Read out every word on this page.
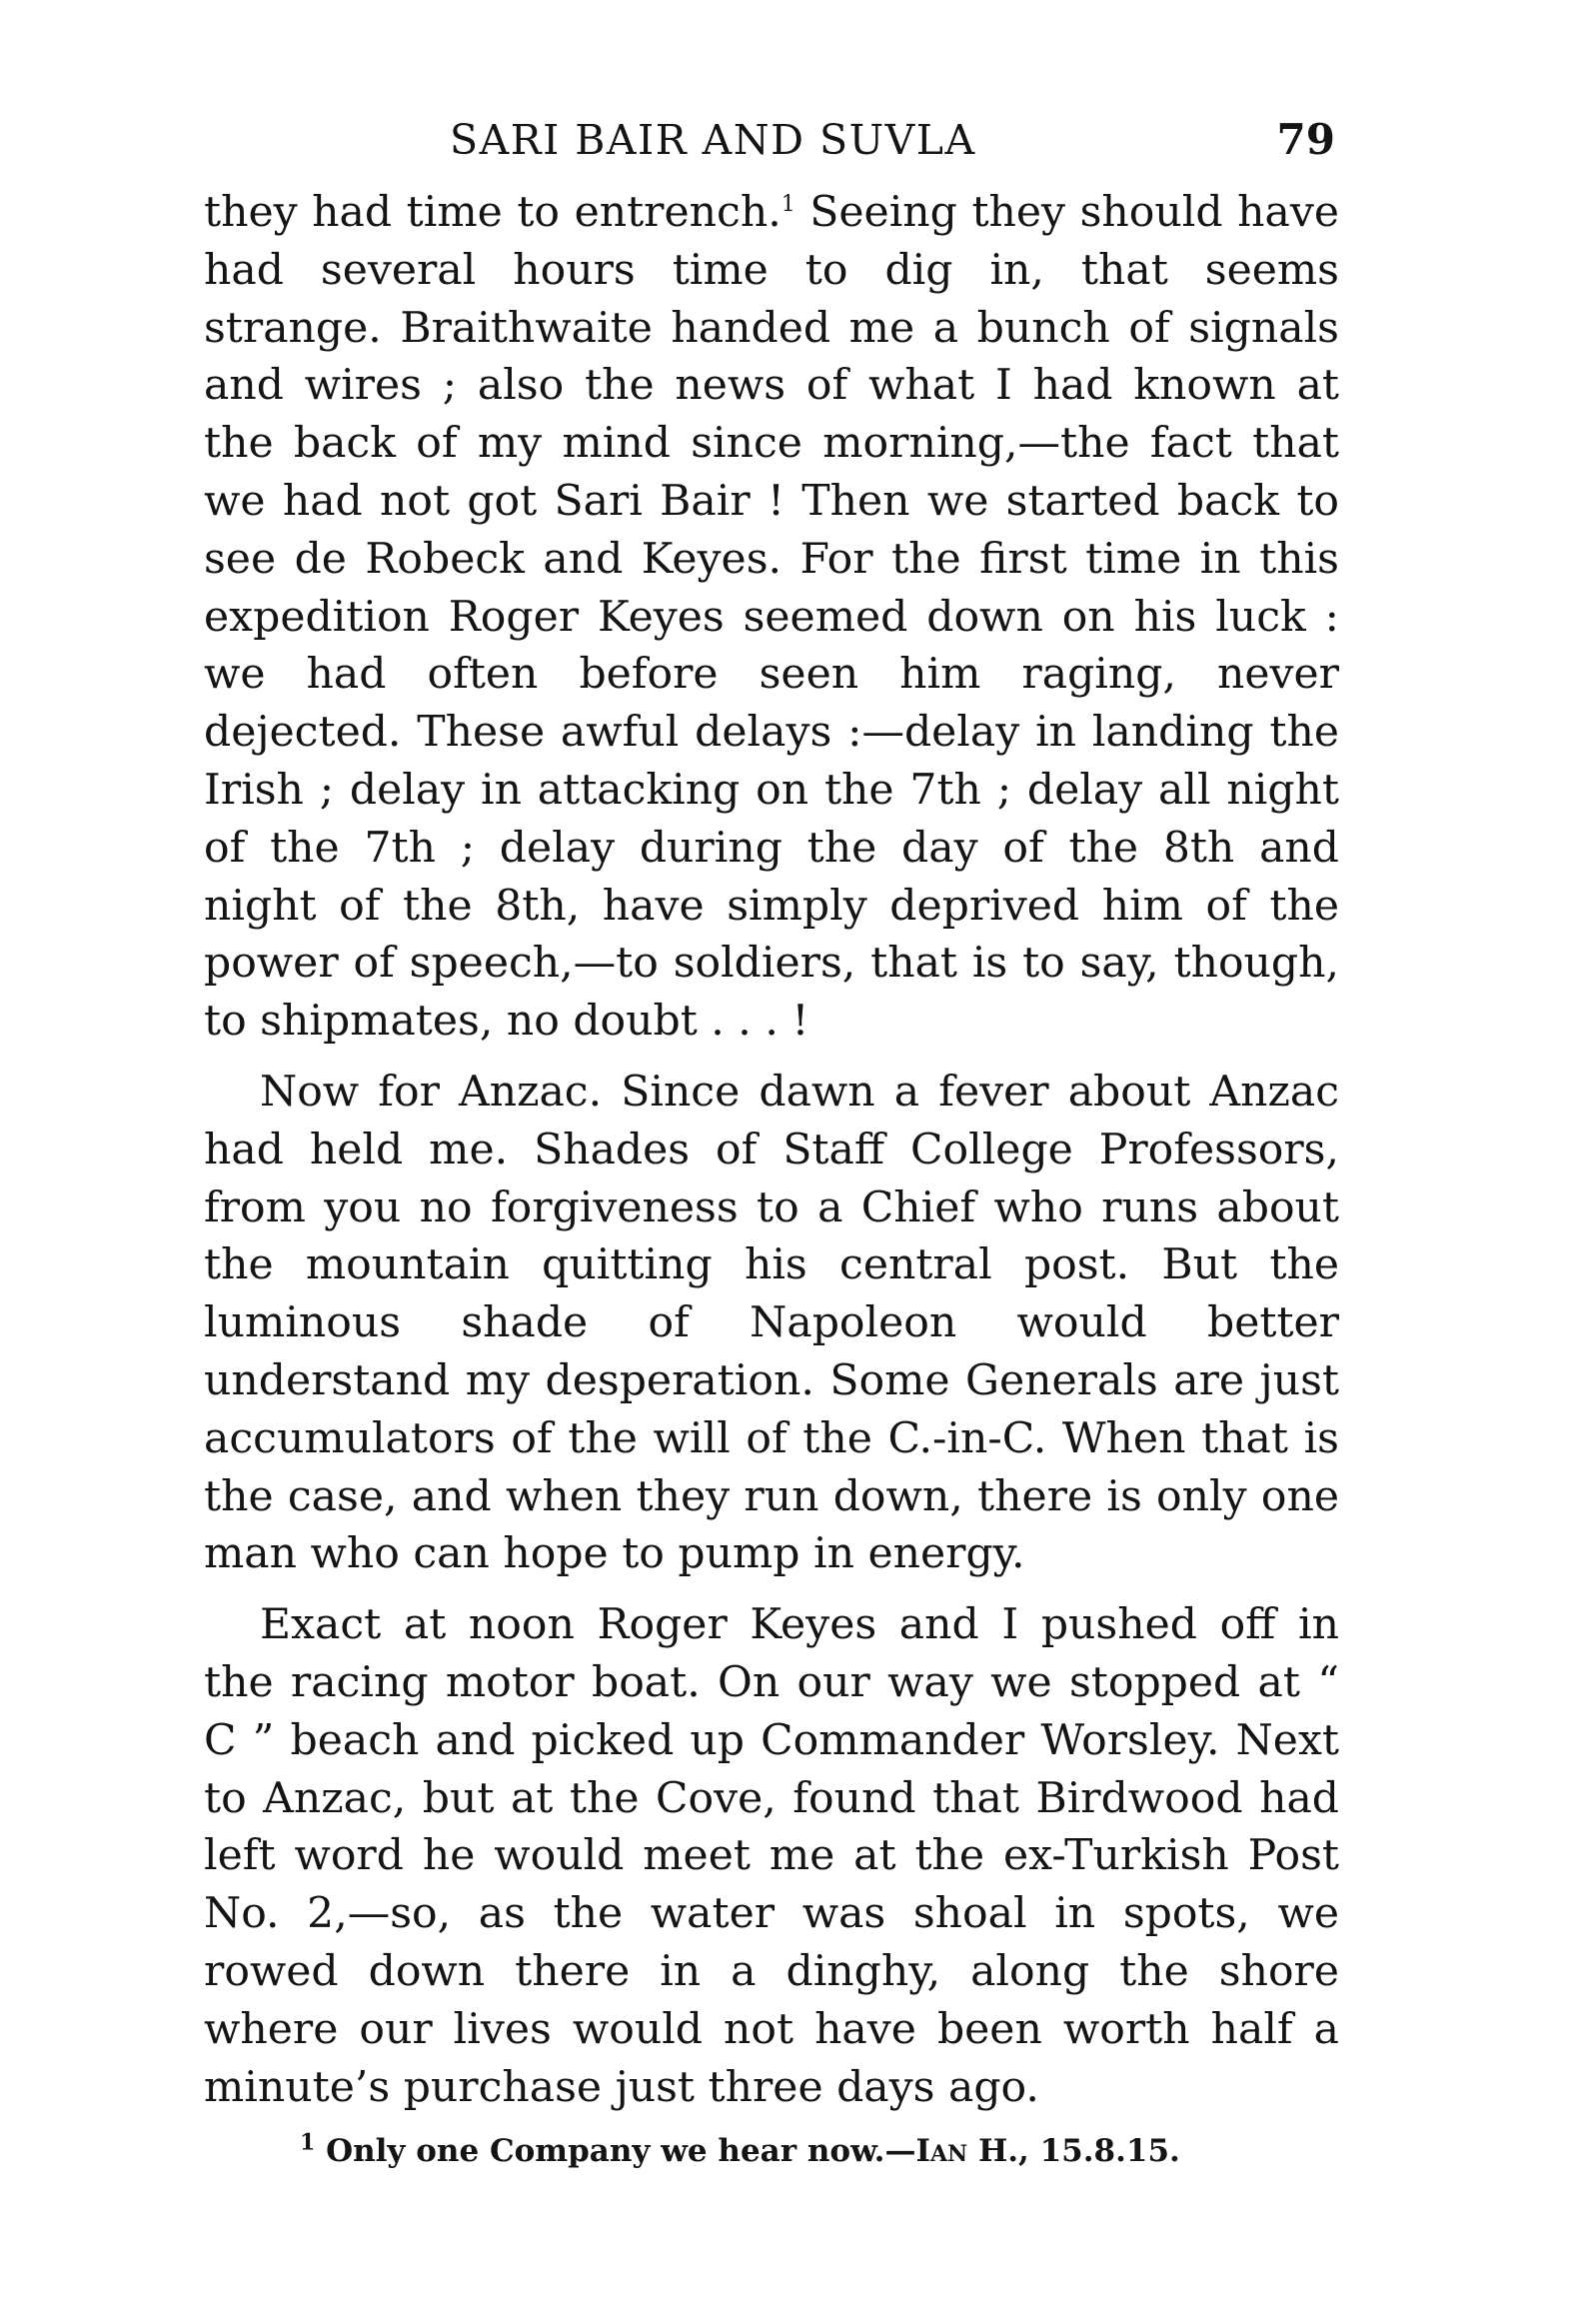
SARI BAIR AND SUVLA	79

they had time to entrench.$^1$ Seeing they should have had several hours time to dig in, that seems strange. Braithwaite handed me a bunch of signals and wires ; also the news of what I had known at the back of my mind since morning,—the fact that we had not got Sari Bair ! Then we started back to see de Robeck and Keyes. For the first time in this expedition Roger Keyes seemed down on his luck : we had often before seen him raging, never dejected. These awful delays :—delay in landing the Irish ; delay in attacking on the 7th ; delay all night of the 7th ; delay during the day of the 8th and night of the 8th, have simply deprived him of the power of speech,—to soldiers, that is to say, though, to shipmates, no doubt . . . !

Now for Anzac. Since dawn a fever about Anzac had held me. Shades of Staff College Professors, from you no forgiveness to a Chief who runs about the mountain quitting his central post. But the luminous shade of Napoleon would better understand my desperation. Some Generals are just accumulators of the will of the C.-in-C. When that is the case, and when they run down, there is only one man who can hope to pump in energy.

Exact at noon Roger Keyes and I pushed off in the racing motor boat. On our way we stopped at “ C ” beach and picked up Commander Worsley. Next to Anzac, but at the Cove, found that Birdwood had left word he would meet me at the ex-Turkish Post No. 2,—so, as the water was shoal in spots, we rowed down there in a dinghy, along the shore where our lives would not have been worth half a minute’s purchase just three days ago.

$^1$ Only one Company we hear now.—Ian H., 15.8.15.
